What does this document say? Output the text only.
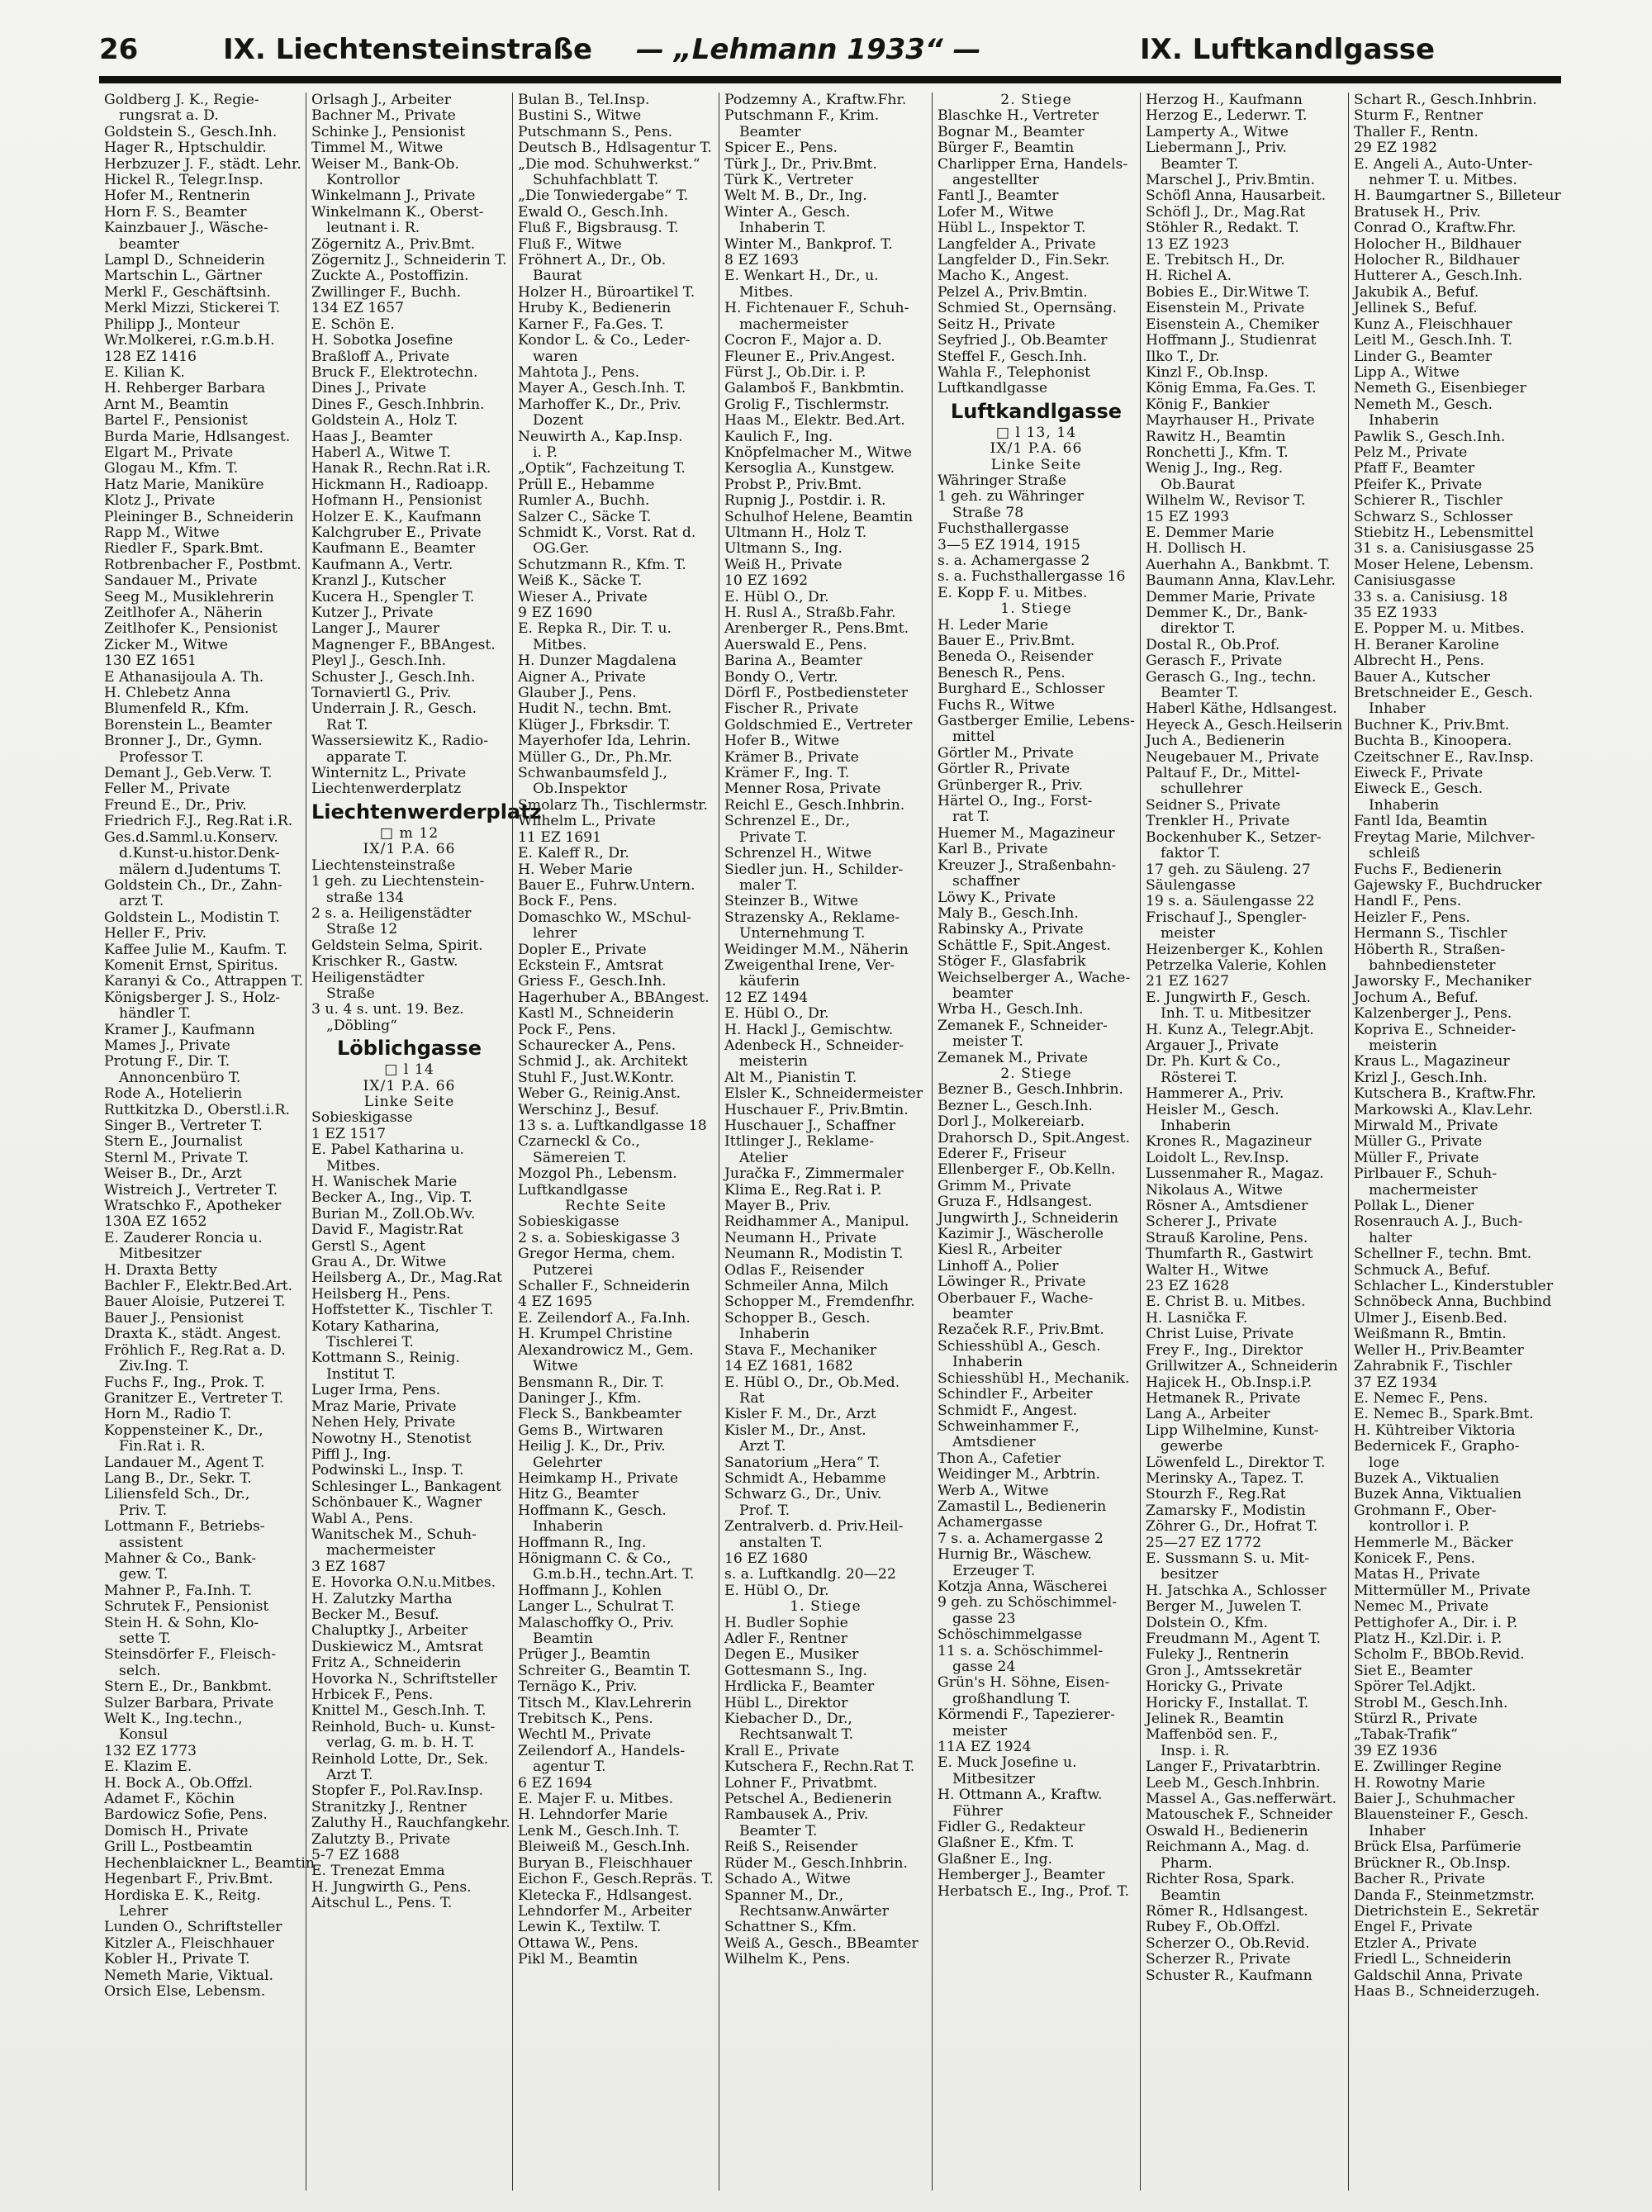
26	IX. Liechtensteinstraße — „Lehmann 1933“ —	IX. Luftkandlgasse
Goldberg J. K., Regie-
rungsrat a. D.
Goldstein S., Gesch.Inh.
Hager R., Hptschuldir.
Herbzuzer J. F., städt. Lehr.
Hickel R., Telegr.Insp.
Hofer M., Rentnerin
Horn F. S., Beamter
Kainzbauer J., Wäsche-
beamter
Lampl D., Schneiderin
Martschin L., Gärtner
Merkl F., Geschäftsinh.
Merkl Mizzi, Stickerei T.
Philipp J., Monteur
Wr.Molkerei, r.G.m.b.H.
128 EZ 1416
E. Kilian K.
H. Rehberger Barbara
Arnt M., Beamtin
Bartel F., Pensionist
Burda Marie, Hdlsangest.
Elgart M., Private
Glogau M., Kfm. T.
Hatz Marie, Maniküre
Klotz J., Private
Pleininger B., Schneiderin
Rapp M., Witwe
Riedler F., Spark.Bmt.
Rotbrenbacher F., Postbmt.
Sandauer M., Private
Seeg M., Musiklehrerin
Zeitlhofer A., Näherin
Zeitlhofer K., Pensionist
Zicker M., Witwe
130 EZ 1651
E Athanasijoula A. Th.
H. Chlebetz Anna
Blumenfeld R., Kfm.
Borenstein L., Beamter
Bronner J., Dr., Gymn.
Professor T.
Demant J., Geb.Verw. T.
Feller M., Private
Freund E., Dr., Priv.
Friedrich F.J., Reg.Rat i.R.
Ges.d.Samml.u.Konserv.
d.Kunst-u.histor.Denk-
mälern d.Judentums T.
Goldstein Ch., Dr., Zahn-
arzt T.
Goldstein L., Modistin T.
Heller F., Priv.
Kaffee Julie M., Kaufm. T.
Komenit Ernst, Spiritus.
Karanyi & Co., Attrappen T.
Königsberger J. S., Holz-
händler T.
Kramer J., Kaufmann
Mames J., Private
Protung F., Dir. T.
Annoncenbüro T.
Rode A., Hotelierin
Ruttkitzka D., Oberstl.i.R.
Singer B., Vertreter T.
Stern E., Journalist
Sternl M., Private T.
Weiser B., Dr., Arzt
Wistreich J., Vertreter T.
Wratschko F., Apotheker
130A EZ 1652
E. Zauderer Roncia u.
Mitbesitzer
H. Draxta Betty
Bachler F., Elektr.Bed.Art.
Bauer Aloisie, Putzerei T.
Bauer J., Pensionist
Draxta K., städt. Angest.
Fröhlich F., Reg.Rat a. D.
Ziv.Ing. T.
Fuchs F., Ing., Prok. T.
Granitzer E., Vertreter T.
Horn M., Radio T.
Koppensteiner K., Dr.,
Fin.Rat i. R.
Landauer M., Agent T.
Lang B., Dr., Sekr. T.
Liliensfeld Sch., Dr.,
Priv. T.
Lottmann F., Betriebs-
assistent
Mahner & Co., Bank-
gew. T.
Mahner P., Fa.Inh. T.
Schrutek F., Pensionist
Stein H. & Sohn, Klo-
sette T.
Steinsdörfer F., Fleisch-
selch.
Stern E., Dr., Bankbmt.
Sulzer Barbara, Private
Welt K., Ing.techn.,
Konsul
132 EZ 1773
E. Klazim E.
H. Bock A., Ob.Offzl.
Adamet F., Köchin
Bardowicz Sofie, Pens.
Domisch H., Private
Grill L., Postbeamtin
Hechenblaickner L., Beamtin
Hegenbart F., Priv.Bmt.
Hordiska E. K., Reitg.
Lehrer
Lunden O., Schriftsteller
Kitzler A., Fleischhauer
Kobler H., Private T.
Nemeth Marie, Viktual.
Orsich Else, Lebensm.
Orlsagh J., Arbeiter
Bachner M., Private
Schinke J., Pensionist
Timmel M., Witwe
Weiser M., Bank-Ob.
Kontrollor
Winkelmann J., Private
Winkelmann K., Oberst-
leutnant i. R.
Zögernitz A., Priv.Bmt.
Zögernitz J., Schneiderin T.
Zuckte A., Postoffizin.
Zwillinger F., Buchh.
134 EZ 1657
E. Schön E.
H. Sobotka Josefine
Braßloff A., Private
Bruck F., Elektrotechn.
Dines J., Private
Dines F., Gesch.Inhbrin.
Goldstein A., Holz T.
Haas J., Beamter
Haberl A., Witwe T.
Hanak R., Rechn.Rat i.R.
Hickmann H., Radioapp.
Hofmann H., Pensionist
Holzer E. K., Kaufmann
Kalchgruber E., Private
Kaufmann E., Beamter
Kaufmann A., Vertr.
Kranzl J., Kutscher
Kucera H., Spengler T.
Kutzer J., Private
Langer J., Maurer
Magnenger F., BBAngest.
Pleyl J., Gesch.Inh.
Schuster J., Gesch.Inh.
Tornaviertl G., Priv.
Underrain J. R., Gesch.
Rat T.
Wassersiewitz K., Radio-
apparate T.
Winternitz L., Private
Liechtenwerderplatz
Liechtenwerderplatz
□ m 12
IX/1 P.A. 66
Liechtensteinstraße
1 geh. zu Liechtenstein-
straße 134
2 s. a. Heiligenstädter
Straße 12
Geldstein Selma, Spirit.
Krischker R., Gastw.
Heiligenstädter
Straße
3 u. 4 s. unt. 19. Bez.
„Döbling“
Löblichgasse
□ l 14
IX/1 P.A. 66
Linke Seite
Sobieskigasse
1 EZ 1517
E. Pabel Katharina u.
Mitbes.
H. Wanischek Marie
Becker A., Ing., Vip. T.
Burian M., Zoll.Ob.Wv.
David F., Magistr.Rat
Gerstl S., Agent
Grau A., Dr. Witwe
Heilsberg A., Dr., Mag.Rat
Heilsberg H., Pens.
Hoffstetter K., Tischler T.
Kotary Katharina,
Tischlerei T.
Kottmann S., Reinig.
Institut T.
Luger Irma, Pens.
Mraz Marie, Private
Nehen Hely, Private
Nowotny H., Stenotist
Piffl J., Ing.
Podwinski L., Insp. T.
Schlesinger L., Bankagent
Schönbauer K., Wagner
Wabl A., Pens.
Wanitschek M., Schuh-
machermeister
3 EZ 1687
E. Hovorka O.N.u.Mitbes.
H. Zalutzky Martha
Becker M., Besuf.
Chaluptky J., Arbeiter
Duskiewicz M., Amtsrat
Fritz A., Schneiderin
Hovorka N., Schriftsteller
Hrbicek F., Pens.
Knittel M., Gesch.Inh. T.
Reinhold, Buch- u. Kunst-
verlag, G. m. b. H. T.
Reinhold Lotte, Dr., Sek.
Arzt T.
Stopfer F., Pol.Rav.Insp.
Stranitzky J., Rentner
Zaluthy H., Rauchfangkehr.
Zalutzty B., Private
5-7 EZ 1688
E. Trenezat Emma
H. Jungwirth G., Pens.
Aitschul L., Pens. T.
Bulan B., Tel.Insp.
Bustini S., Witwe
Putschmann S., Pens.
Deutsch B., Hdlsagentur T.
„Die mod. Schuhwerkst.“
Schuhfachblatt T.
„Die Tonwiedergabe“ T.
Ewald O., Gesch.Inh.
Fluß F., Bigsbrausg. T.
Fluß F., Witwe
Fröhnert A., Dr., Ob.
Baurat
Holzer H., Büroartikel T.
Hruby K., Bedienerin
Karner F., Fa.Ges. T.
Kondor L. & Co., Leder-
waren
Mahtota J., Pens.
Mayer A., Gesch.Inh. T.
Marhoffer K., Dr., Priv.
Dozent
Neuwirth A., Kap.Insp.
i. P.
„Optik“, Fachzeitung T.
Prüll E., Hebamme
Rumler A., Buchh.
Salzer C., Säcke T.
Schmidt K., Vorst. Rat d.
OG.Ger.
Schutzmann R., Kfm. T.
Weiß K., Säcke T.
Wieser A., Private
9 EZ 1690
E. Repka R., Dir. T. u.
Mitbes.
H. Dunzer Magdalena
Aigner A., Private
Glauber J., Pens.
Hudit N., techn. Bmt.
Klüger J., Fbrksdir. T.
Mayerhofer Ida, Lehrin.
Müller G., Dr., Ph.Mr.
Schwanbaumsfeld J.,
Ob.Inspektor
Smolarz Th., Tischlermstr.
Wilhelm L., Private
11 EZ 1691
E. Kaleff R., Dr.
H. Weber Marie
Bauer E., Fuhrw.Untern.
Bock F., Pens.
Domaschko W., MSchul-
lehrer
Dopler E., Private
Eckstein F., Amtsrat
Griess F., Gesch.Inh.
Hagerhuber A., BBAngest.
Kastl M., Schneiderin
Pock F., Pens.
Schaurecker A., Pens.
Schmid J., ak. Architekt
Stuhl F., Just.W.Kontr.
Weber G., Reinig.Anst.
Werschinz J., Besuf.
13 s. a. Luftkandlgasse 18
Czarneckl & Co.,
Sämereien T.
Mozgol Ph., Lebensm.
Luftkandlgasse
Rechte Seite
Sobieskigasse
2 s. a. Sobieskigasse 3
Gregor Herma, chem.
Putzerei
Schaller F., Schneiderin
4 EZ 1695
E. Zeilendorf A., Fa.Inh.
H. Krumpel Christine
Alexandrowicz M., Gem.
Witwe
Bensmann R., Dir. T.
Daninger J., Kfm.
Fleck S., Bankbeamter
Gems B., Wirtwaren
Heilig J. K., Dr., Priv.
Gelehrter
Heimkamp H., Private
Hitz G., Beamter
Hoffmann K., Gesch.
Inhaberin
Hoffmann R., Ing.
Hönigmann C. & Co.,
G.m.b.H., techn.Art. T.
Hoffmann J., Kohlen
Langer L., Schulrat T.
Malaschoffky O., Priv.
Beamtin
Prüger J., Beamtin
Schreiter G., Beamtin T.
Ternägo K., Priv.
Titsch M., Klav.Lehrerin
Trebitsch K., Pens.
Wechtl M., Private
Zeilendorf A., Handels-
agentur T.
6 EZ 1694
E. Majer F. u. Mitbes.
H. Lehndorfer Marie
Lenk M., Gesch.Inh. T.
Bleiweiß M., Gesch.Inh.
Buryan B., Fleischhauer
Eichon F., Gesch.Repräs. T.
Kletecka F., Hdlsangest.
Lehndorfer M., Arbeiter
Lewin K., Textilw. T.
Ottawa W., Pens.
Pikl M., Beamtin
Podzemny A., Kraftw.Fhr.
Putschmann F., Krim.
Beamter
Spicer E., Pens.
Türk J., Dr., Priv.Bmt.
Türk K., Vertreter
Welt M. B., Dr., Ing.
Winter A., Gesch.
Inhaberin T.
Winter M., Bankprof. T.
8 EZ 1693
E. Wenkart H., Dr., u.
Mitbes.
H. Fichtenauer F., Schuh-
machermeister
Cocron F., Major a. D.
Fleuner E., Priv.Angest.
Fürst J., Ob.Dir. i. P.
Galamboš F., Bankbmtin.
Grolig F., Tischlermstr.
Haas M., Elektr. Bed.Art.
Kaulich F., Ing.
Knöpfelmacher M., Witwe
Kersoglia A., Kunstgew.
Probst P., Priv.Bmt.
Rupnig J., Postdir. i. R.
Schulhof Helene, Beamtin
Ultmann H., Holz T.
Ultmann S., Ing.
Weiß H., Private
10 EZ 1692
E. Hübl O., Dr.
H. Rusl A., Straßb.Fahr.
Arenberger R., Pens.Bmt.
Auerswald E., Pens.
Barina A., Beamter
Bondy O., Vertr.
Dörfl F., Postbediensteter
Fischer R., Private
Goldschmied E., Vertreter
Hofer B., Witwe
Krämer B., Private
Krämer F., Ing. T.
Menner Rosa, Private
Reichl E., Gesch.Inhbrin.
Schrenzel E., Dr.,
Private T.
Schrenzel H., Witwe
Siedler jun. H., Schilder-
maler T.
Steinzer B., Witwe
Strazensky A., Reklame-
Unternehmung T.
Weidinger M.M., Näherin
Zweigenthal Irene, Ver-
käuferin
12 EZ 1494
E. Hübl O., Dr.
H. Hackl J., Gemischtw.
Adenbeck H., Schneider-
meisterin
Alt M., Pianistin T.
Elsler K., Schneidermeister
Huschauer F., Priv.Bmtin.
Huschauer J., Schaffner
Ittlinger J., Reklame-
Atelier
Juračka F., Zimmermaler
Klima E., Reg.Rat i. P.
Mayer B., Priv.
Reidhammer A., Manipul.
Neumann H., Private
Neumann R., Modistin T.
Odlas F., Reisender
Schmeiler Anna, Milch
Schopper M., Fremdenfhr.
Schopper B., Gesch.
Inhaberin
Stava F., Mechaniker
14 EZ 1681, 1682
E. Hübl O., Dr., Ob.Med.
Rat
Kisler F. M., Dr., Arzt
Kisler M., Dr., Anst.
Arzt T.
Sanatorium „Hera“ T.
Schmidt A., Hebamme
Schwarz G., Dr., Univ.
Prof. T.
Zentralverb. d. Priv.Heil-
anstalten T.
16 EZ 1680
s. a. Luftkandlg. 20—22
E. Hübl O., Dr.
1. Stiege
H. Budler Sophie
Adler F., Rentner
Degen E., Musiker
Gottesmann S., Ing.
Hrdlicka F., Beamter
Hübl L., Direktor
Kiebacher D., Dr.,
Rechtsanwalt T.
Krall E., Private
Kutschera F., Rechn.Rat T.
Lohner F., Privatbmt.
Petschel A., Bedienerin
Rambausek A., Priv.
Beamter T.
Reiß S., Reisender
Rüder M., Gesch.Inhbrin.
Schado A., Witwe
Spanner M., Dr.,
Rechtsanw.Anwärter
Schattner S., Kfm.
Weiß A., Gesch., BBeamter
Wilhelm K., Pens.
2. Stiege
Blaschke H., Vertreter
Bognar M., Beamter
Bürger F., Beamtin
Charlipper Erna, Handels-
angestellter
Fantl J., Beamter
Lofer M., Witwe
Hübl L., Inspektor T.
Langfelder A., Private
Langfelder D., Fin.Sekr.
Macho K., Angest.
Pelzel A., Priv.Bmtin.
Schmied St., Opernsäng.
Seitz H., Private
Seyfried J., Ob.Beamter
Steffel F., Gesch.Inh.
Wahla F., Telephonist
Luftkandlgasse
Luftkandlgasse
□ l 13, 14
IX/1 P.A. 66
Linke Seite
Währinger Straße
1 geh. zu Währinger
Straße 78
Fuchsthallergasse
3—5 EZ 1914, 1915
s. a. Achamergasse 2
s. a. Fuchsthallergasse 16
E. Kopp F. u. Mitbes.
1. Stiege
H. Leder Marie
Bauer E., Priv.Bmt.
Beneda O., Reisender
Benesch R., Pens.
Burghard E., Schlosser
Fuchs R., Witwe
Gastberger Emilie, Lebens-
mittel
Görtler M., Private
Görtler R., Private
Grünberger R., Priv.
Härtel O., Ing., Forst-
rat T.
Huemer M., Magazineur
Karl B., Private
Kreuzer J., Straßenbahn-
schaffner
Löwy K., Private
Maly B., Gesch.Inh.
Rabinsky A., Private
Schättle F., Spit.Angest.
Stöger F., Glasfabrik
Weichselberger A., Wache-
beamter
Wrba H., Gesch.Inh.
Zemanek F., Schneider-
meister T.
Zemanek M., Private
2. Stiege
Bezner B., Gesch.Inhbrin.
Bezner L., Gesch.Inh.
Dorl J., Molkereiarb.
Drahorsch D., Spit.Angest.
Ederer F., Friseur
Ellenberger F., Ob.Kelln.
Grimm M., Private
Gruza F., Hdlsangest.
Jungwirth J., Schneiderin
Kazimir J., Wäscherolle
Kiesl R., Arbeiter
Linhoff A., Polier
Löwinger R., Private
Oberbauer F., Wache-
beamter
Rezaček R.F., Priv.Bmt.
Schiesshübl A., Gesch.
Inhaberin
Schiesshübl H., Mechanik.
Schindler F., Arbeiter
Schmidt F., Angest.
Schweinhammer F.,
Amtsdiener
Thon A., Cafetier
Weidinger M., Arbtrin.
Werb A., Witwe
Zamastil L., Bedienerin
Achamergasse
7 s. a. Achamergasse 2
Hurnig Br., Wäschew.
Erzeuger T.
Kotzja Anna, Wäscherei
9 geh. zu Schöschimmel-
gasse 23
Schöschimmelgasse
11 s. a. Schöschimmel-
gasse 24
Grün's H. Söhne, Eisen-
großhandlung T.
Körmendi F., Tapezierer-
meister
11A EZ 1924
E. Muck Josefine u.
Mitbesitzer
H. Ottmann A., Kraftw.
Führer
Fidler G., Redakteur
Glaßner E., Kfm. T.
Glaßner E., Ing.
Hemberger J., Beamter
Herbatsch E., Ing., Prof. T.
Herzog H., Kaufmann
Herzog E., Lederwr. T.
Lamperty A., Witwe
Liebermann J., Priv.
Beamter T.
Marschel J., Priv.Bmtin.
Schöfl Anna, Hausarbeit.
Schöfl J., Dr., Mag.Rat
Stöhler R., Redakt. T.
13 EZ 1923
E. Trebitsch H., Dr.
H. Richel A.
Bobies E., Dir.Witwe T.
Eisenstein M., Private
Eisenstein A., Chemiker
Hoffmann J., Studienrat
Ilko T., Dr.
Kinzl F., Ob.Insp.
König Emma, Fa.Ges. T.
König F., Bankier
Mayrhauser H., Private
Rawitz H., Beamtin
Ronchetti J., Kfm. T.
Wenig J., Ing., Reg.
Ob.Baurat
Wilhelm W., Revisor T.
15 EZ 1993
E. Demmer Marie
H. Dollisch H.
Auerhahn A., Bankbmt. T.
Baumann Anna, Klav.Lehr.
Demmer Marie, Private
Demmer K., Dr., Bank-
direktor T.
Dostal R., Ob.Prof.
Gerasch F., Private
Gerasch G., Ing., techn.
Beamter T.
Haberl Käthe, Hdlsangest.
Heyeck A., Gesch.Heilserin
Juch A., Bedienerin
Neugebauer M., Private
Paltauf F., Dr., Mittel-
schullehrer
Seidner S., Private
Trenkler H., Private
Bockenhuber K., Setzer-
faktor T.
17 geh. zu Säuleng. 27
Säulengasse
19 s. a. Säulengasse 22
Frischauf J., Spengler-
meister
Heizenberger K., Kohlen
Petrzelka Valerie, Kohlen
21 EZ 1627
E. Jungwirth F., Gesch.
Inh. T. u. Mitbesitzer
H. Kunz A., Telegr.Abjt.
Argauer J., Private
Dr. Ph. Kurt & Co.,
Rösterei T.
Hammerer A., Priv.
Heisler M., Gesch.
Inhaberin
Krones R., Magazineur
Loidolt L., Rev.Insp.
Lussenmaher R., Magaz.
Nikolaus A., Witwe
Rösner A., Amtsdiener
Scherer J., Private
Strauß Karoline, Pens.
Thumfarth R., Gastwirt
Walter H., Witwe
23 EZ 1628
E. Christ B. u. Mitbes.
H. Lasnička F.
Christ Luise, Private
Frey F., Ing., Direktor
Grillwitzer A., Schneiderin
Hajicek H., Ob.Insp.i.P.
Hetmanek R., Private
Lang A., Arbeiter
Lipp Wilhelmine, Kunst-
gewerbe
Löwenfeld L., Direktor T.
Merinsky A., Tapez. T.
Stourzh F., Reg.Rat
Zamarsky F., Modistin
Zöhrer G., Dr., Hofrat T.
25—27 EZ 1772
E. Sussmann S. u. Mit-
besitzer
H. Jatschka A., Schlosser
Berger M., Juwelen T.
Dolstein O., Kfm.
Freudmann M., Agent T.
Fuleky J., Rentnerin
Gron J., Amtssekretär
Horicky G., Private
Horicky F., Installat. T.
Jelinek R., Beamtin
Maffenböd sen. F.,
Insp. i. R.
Langer F., Privatarbtrin.
Leeb M., Gesch.Inhbrin.
Massel A., Gas.nefferwärt.
Matouschek F., Schneider
Oswald H., Bedienerin
Reichmann A., Mag. d.
Pharm.
Richter Rosa, Spark.
Beamtin
Römer R., Hdlsangest.
Rubey F., Ob.Offzl.
Scherzer O., Ob.Revid.
Scherzer R., Private
Schuster R., Kaufmann
Schart R., Gesch.Inhbrin.
Sturm F., Rentner
Thaller F., Rentn.
29 EZ 1982
E. Angeli A., Auto-Unter-
nehmer T. u. Mitbes.
H. Baumgartner S., Billeteur
Bratusek H., Priv.
Conrad O., Kraftw.Fhr.
Holocher H., Bildhauer
Holocher R., Bildhauer
Hutterer A., Gesch.Inh.
Jakubik A., Befuf.
Jellinek S., Befuf.
Kunz A., Fleischhauer
Leitl M., Gesch.Inh. T.
Linder G., Beamter
Lipp A., Witwe
Nemeth G., Eisenbieger
Nemeth M., Gesch.
Inhaberin
Pawlik S., Gesch.Inh.
Pelz M., Private
Pfaff F., Beamter
Pfeifer K., Private
Schierer R., Tischler
Schwarz S., Schlosser
Stiebitz H., Lebensmittel
31 s. a. Canisiusgasse 25
Moser Helene, Lebensm.
Canisiusgasse
33 s. a. Canisiusg. 18
35 EZ 1933
E. Popper M. u. Mitbes.
H. Beraner Karoline
Albrecht H., Pens.
Bauer A., Kutscher
Bretschneider E., Gesch.
Inhaber
Buchner K., Priv.Bmt.
Buchta B., Kinoopera.
Czeitschner E., Rav.Insp.
Eiweck F., Private
Eiweck E., Gesch.
Inhaberin
Fantl Ida, Beamtin
Freytag Marie, Milchver-
schleiß
Fuchs F., Bedienerin
Gajewsky F., Buchdrucker
Handl F., Pens.
Heizler F., Pens.
Hermann S., Tischler
Höberth R., Straßen-
bahnbediensteter
Jaworsky F., Mechaniker
Jochum A., Befuf.
Kalzenberger J., Pens.
Kopriva E., Schneider-
meisterin
Kraus L., Magazineur
Krizl J., Gesch.Inh.
Kutschera B., Kraftw.Fhr.
Markowski A., Klav.Lehr.
Mirwald M., Private
Müller G., Private
Müller F., Private
Pirlbauer F., Schuh-
machermeister
Pollak L., Diener
Rosenrauch A. J., Buch-
halter
Schellner F., techn. Bmt.
Schmuck A., Befuf.
Schlacher L., Kinderstubler
Schnöbeck Anna, Buchbind
Ulmer J., Eisenb.Bed.
Weißmann R., Bmtin.
Weller H., Priv.Beamter
Zahrabnik F., Tischler
37 EZ 1934
E. Nemec F., Pens.
E. Nemec B., Spark.Bmt.
H. Kühtreiber Viktoria
Bedernicek F., Grapho-
loge
Buzek A., Viktualien
Buzek Anna, Viktualien
Grohmann F., Ober-
kontrollor i. P.
Hemmerle M., Bäcker
Konicek F., Pens.
Matas H., Private
Mittermüller M., Private
Nemec M., Private
Pettighofer A., Dir. i. P.
Platz H., Kzl.Dir. i. P.
Scholm F., BBOb.Revid.
Siet E., Beamter
Spörer Tel.Adjkt.
Strobl M., Gesch.Inh.
Stürzl R., Private
„Tabak-Trafik“
39 EZ 1936
E. Zwillinger Regine
H. Rowotny Marie
Baier J., Schuhmacher
Blauensteiner F., Gesch.
Inhaber
Brück Elsa, Parfümerie
Brückner R., Ob.Insp.
Bacher R., Private
Danda F., Steinmetzmstr.
Dietrichstein E., Sekretär
Engel F., Private
Etzler A., Private
Friedl L., Schneiderin
Galdschil Anna, Private
Haas B., Schneiderzugeh.
